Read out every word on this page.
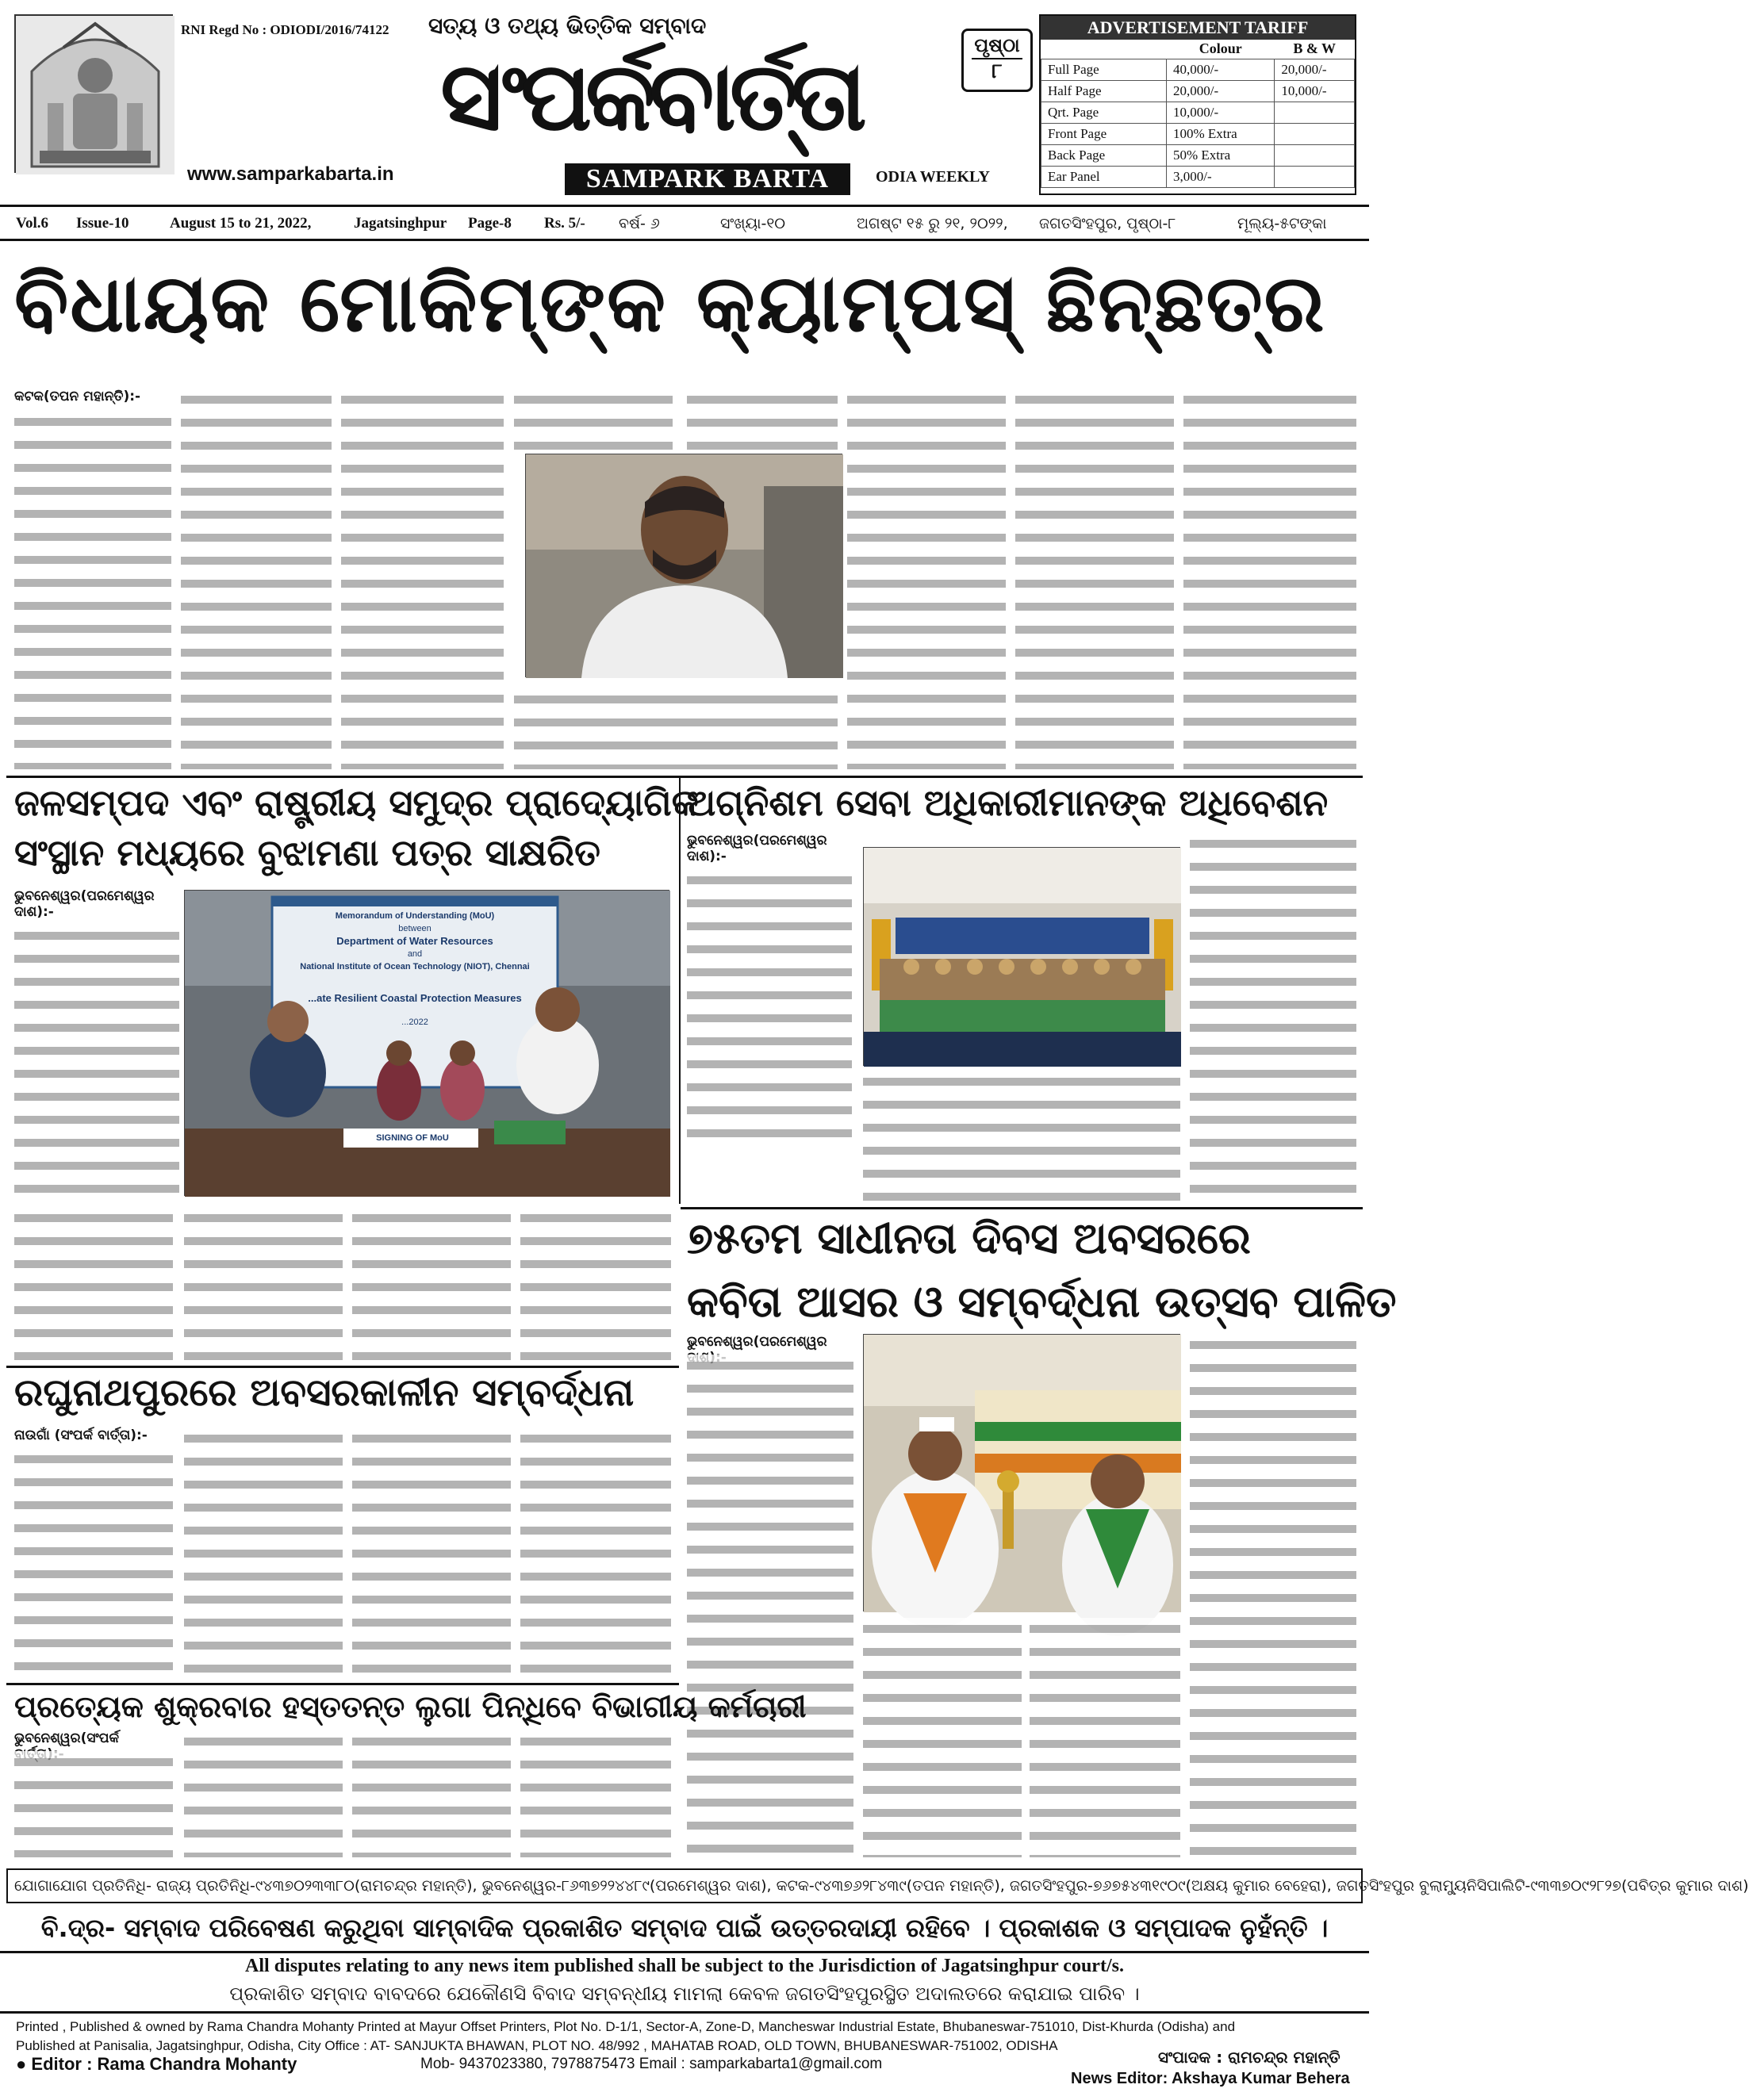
RNI Regd No : ODIODI/2016/74122 ସତ୍ୟ ଓ ତଥ୍ୟ ଭିତ୍ତିକ ସମ୍ବାଦ
ସଂପର୍କବାର୍ତ୍ତା
SAMPARK BARTA	ODIA WEEKLY
www.samparkabarta.in
ପୃଷ୍ଠା
୮
ADVERTISEMENT TARIFF
	Colour	B & W
Full Page	40,000/-	20,000/-
Half Page	20,000/-	10,000/-
Qrt. Page	10,000/-	
Front Page	100% Extra	
Back Page	50% Extra	
Ear Panel	3,000/-	
Vol.6 Issue-10	August 15 to 21, 2022,	Jagatsinghpur Page-8 Rs. 5/- ବର୍ଷ- ୬	ସଂଖ୍ୟା-୧୦	ଅଗଷ୍ଟ ୧୫ ରୁ ୨୧, ୨୦୨୨, ଜଗତସିଂହପୁର, ପୃଷ୍ଠା-୮	ମୂଲ୍ୟ-୫ଟଙ୍କା
ବିଧାୟକ ମୋକିମ୍‌ଙ୍କ କ୍ୟାମ୍ପସ୍ ଛିନ୍‌ଛତ୍ର
କଟକ(ତପନ ମହାନ୍ତି):-
ଜଳସମ୍ପଦ ଏବଂ ରାଷ୍ଟ୍ରୀୟ ସମୁଦ୍ର ପ୍ରାଦ୍ୟୋଗିକ
ସଂସ୍ଥାନ ମଧ୍ୟରେ ବୁଝାମଣା ପତ୍ର ସାକ୍ଷରିତ
ଭୁବନେଶ୍ୱର(ପରମେଶ୍ୱର ଦାଶ):-	Memorandum of Understanding (MoU)
between
Department of Water Resources
and
National Institute of Ocean Technology (NIOT), Chennai
...ate Resilient Coastal Protection Measures
...2022
SIGNING OF MoU
ଅଗ୍ନିଶମ ସେବା ଅଧିକାରୀମାନଙ୍କ ଅଧିବେଶନ
ଭୁବନେଶ୍ୱର(ପରମେଶ୍ୱର ଦାଶ):-
୭୫ତମ ସାଧୀନତା ଦିବସ ଅବସରରେ
କବିତା ଆସର ଓ ସମ୍ବର୍ଦ୍ଧନା ଉତ୍ସବ ପାଳିତ
ଭୁବନେଶ୍ୱର(ପରମେଶ୍ୱର
ରଘୁନାଥପୁରରେ ଅବସରକାଳୀନ ସମ୍ବର୍ଦ୍ଧନା
ନାଉଗାଁ (ସଂପର୍କ ବାର୍ତ୍ତା):-
ପ୍ରତ୍ୟେକ ଶୁକ୍ରବାର ହସ୍ତତନ୍ତ ଲୁଗା ପିନ୍ଧିବେ ବିଭାଗୀୟ କର୍ମଚାରୀ
ଭୁବନେଶ୍ୱର(ସଂପର୍କ
ଯୋଗାଯୋଗ ପ୍ରତିନିଧି- ରାଜ୍ୟ ପ୍ରତିନିଧି-୯୪୩୭୦୨୩୩୮୦(ରାମଚନ୍ଦ୍ର ମହାନ୍ତି), ଭୁବନେଶ୍ୱର-୮୬୩୭୨୨୪୪୮୯(ପରମେଶ୍ୱର ଦାଶ), କଟକ-୯୪୩୭୬୨୮୪୩୯(ତପନ ମହାନ୍ତି), ଜଗତସିଂହପୁର-୭୬୭୫୪୩୧୯୦୯(ଅକ୍ଷୟ କୁମାର ବେହେରା), ଜଗତସିଂହପୁର ବୁଲାମ୍ୟୁନିସିପାଲିଟି-୯୩୩୭୦୯୨୮୨୭(ପବିତ୍ର କୁମାର ଦାଶ)
ବି.ଦ୍ର- ସମ୍ବାଦ ପରିବେଷଣ କରୁଥିବା ସାମ୍ବାଦିକ ପ୍ରକାଶିତ ସମ୍ବାଦ ପାଇଁ ଉତ୍ତରଦାୟୀ ରହିବେ । ପ୍ରକାଶକ ଓ ସମ୍ପାଦକ ନୁହଁନ୍ତି ।
All disputes relating to any news item published shall be subject to the Jurisdiction of Jagatsinghpur court/s.
ପ୍ରକାଶିତ ସମ୍ବାଦ ବାବଦରେ ଯେକୌଣସି ବିବାଦ ସମ୍ବନ୍ଧୀୟ ମାମଲା କେବଳ ଜଗତସିଂହପୁରସ୍ଥିତ ଅଦାଲତରେ କରାଯାଇ ପାରିବ ।
Printed , Published & owned by Rama Chandra Mohanty Printed at Mayur Offset Printers, Plot No. D-1/1, Sector-A, Zone-D, Mancheswar Industrial Estate, Bhubaneswar-751010, Dist-Khurda (Odisha) and
Published at Panisalia, Jagatsinghpur, Odisha, City Office : AT- SANJUKTA BHAWAN, PLOT NO. 48/992 , MAHATAB ROAD, OLD TOWN, BHUBANESWAR-751002, ODISHA
● Editor : Rama Chandra Mohanty	Mob- 9437023380, 7978875473 Email : samparkabarta1@gmail.com	ସଂପାଦକ : ରାମଚନ୍ଦ୍ର ମହାନ୍ତି
News Editor: Akshaya Kumar Behera
